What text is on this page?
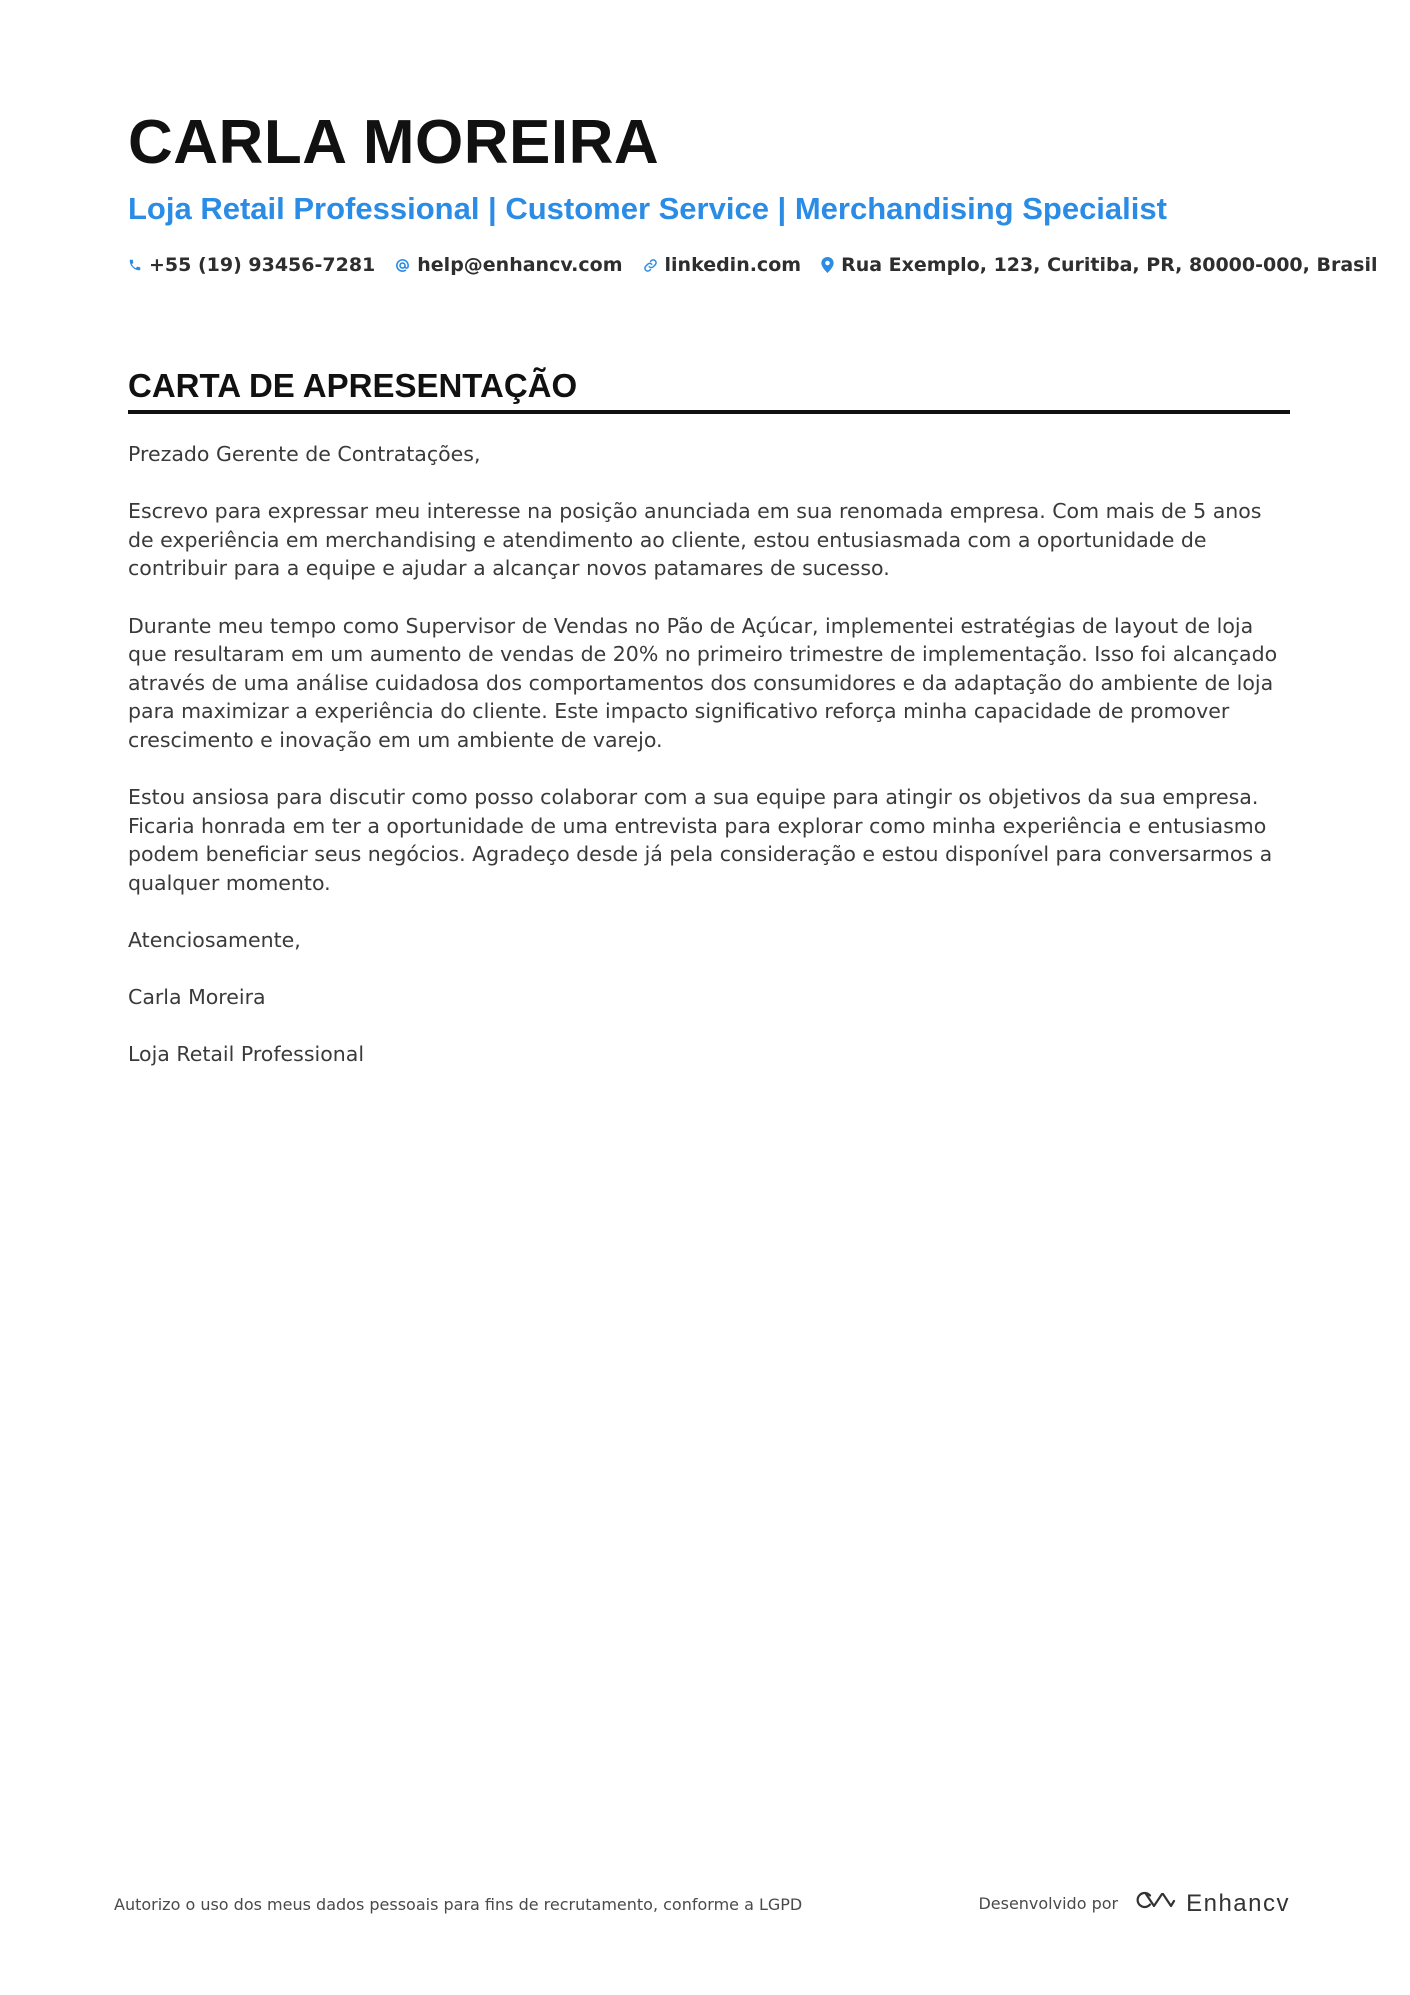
CARLA MOREIRA
Loja Retail Professional | Customer Service | Merchandising Specialist
+55 (19) 93456-7281 help@enhancv.com linkedin.com Rua Exemplo, 123, Curitiba, PR, 80000-000, Brasil
CARTA DE APRESENTAÇÃO

Prezado Gerente de Contratações,

Escrevo para expressar meu interesse na posição anunciada em sua renomada empresa. Com mais de 5 anos de experiência em merchandising e atendimento ao cliente, estou entusiasmada com a oportunidade de contribuir para a equipe e ajudar a alcançar novos patamares de sucesso.

Durante meu tempo como Supervisor de Vendas no Pão de Açúcar, implementei estratégias de layout de loja que resultaram em um aumento de vendas de 20% no primeiro trimestre de implementação. Isso foi alcançado através de uma análise cuidadosa dos comportamentos dos consumidores e da adaptação do ambiente de loja para maximizar a experiência do cliente. Este impacto significativo reforça minha capacidade de promover crescimento e inovação em um ambiente de varejo.

Estou ansiosa para discutir como posso colaborar com a sua equipe para atingir os objetivos da sua empresa. Ficaria honrada em ter a oportunidade de uma entrevista para explorar como minha experiência e entusiasmo podem beneficiar seus negócios. Agradeço desde já pela consideração e estou disponível para conversarmos a qualquer momento.

Atenciosamente,

Carla Moreira

Loja Retail Professional

Autorizo o uso dos meus dados pessoais para fins de recrutamento, conforme a LGPD	Desenvolvido por	Enhancv
